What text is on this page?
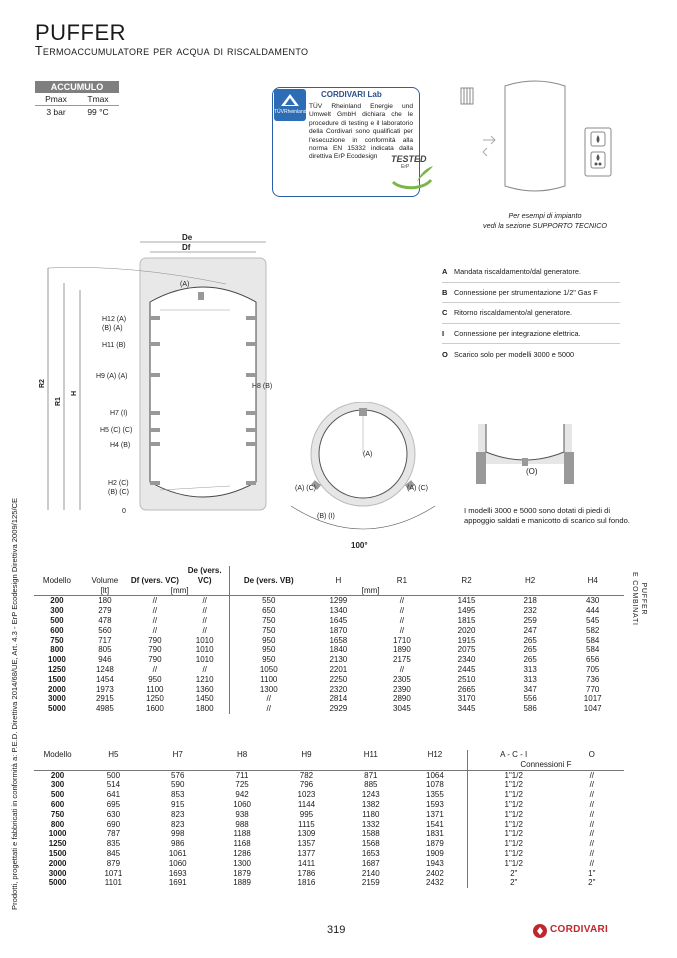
PUFFER
Termoaccumulatore per acqua di riscaldamento
ACCUMULO
Pmax	Tmax
3 bar	99 °C	TÜVRheinland
CORDIVARI Lab
TÜV Rheinland Energie und Umwelt GmbH dichiara che le procedure di testing e il laboratorio della Cordivari sono qualificati per l'esecuzione in conformità alla norma EN 15332 indicata dalla direttiva ErP Ecodesign	TESTED
ErP
Per esempi di impianto
vedi la sezione SUPPORTO TECNICO
A Mandata riscaldamento/dal generatore.
B Connessione per strumentazione 1/2" Gas F
C Ritorno riscaldamento/al generatore.
I	Connessione per integrazione elettrica.
O Scarico solo per modelli 3000 e 5000
De
Df
(A)
H12 (A)
(B) (A)
H11 (B)
H9 (A) (A)
H7 (I)
H5 (C) (C)
H4 (B)
H2 (C)
(B) (C)
0
H8 (B)
R2
R1
H
(A)
(A) (C)	(A) (C)
(B) (I)
100°
(O)
I modelli 3000 e 5000 sono dotati di piedi di appoggio saldati e manicotto di scarico sul fondo.
Modello	Volume	Df (vers. VC)	De (vers. VC)	De (vers. VB)	H	R1	R2	H2	H4
	[lt]	[mm]			[mm]				
200	180	//	//	550	1299	//	1415	218	430
300	279	//	//	650	1340	//	1495	232	444
500	478	//	//	750	1645	//	1815	259	545
600	560	//	//	750	1870	//	2020	247	582
750	717	790	1010	950	1658	1710	1915	265	584
800	805	790	1010	950	1840	1890	2075	265	584
1000	946	790	1010	950	2130	2175	2340	265	656
1250	1248	//	//	1050	2201	//	2445	313	705
1500	1454	950	1210	1100	2250	2305	2510	313	736
2000	1973	1100	1360	1300	2320	2390	2665	347	770
3000	2915	1250	1450	//	2814	2890	3170	556	1017
5000	4985	1600	1800	//	2929	3045	3445	586	1047
Modello	H5	H7	H8	H9	H11	H12	A - C - I	O
							Connessioni F	
200	500	576	711	782	871	1064	1"1/2	//
300	514	590	725	796	885	1078	1"1/2	//
500	641	853	942	1023	1243	1355	1"1/2	//
600	695	915	1060	1144	1382	1593	1"1/2	//
750	630	823	938	995	1180	1371	1"1/2	//
800	690	823	988	1115	1332	1541	1"1/2	//
1000	787	998	1188	1309	1588	1831	1"1/2	//
1250	835	986	1168	1357	1568	1879	1"1/2	//
1500	845	1061	1286	1377	1653	1909	1"1/2	//
2000	879	1060	1300	1411	1687	1943	1"1/2	//
3000	1071	1693	1879	1786	2140	2402	2"	1"
5000	1101	1691	1889	1816	2159	2432	2"	2"
Prodotti, progettati e fabbricati in conformità a: P.E.D. Direttiva 2014/68/UE, Art. 4.3 - ErP Ecodesign Direttiva 2009/125/CE	PUFFER
E COMBINATI
319	CORDIVARI
